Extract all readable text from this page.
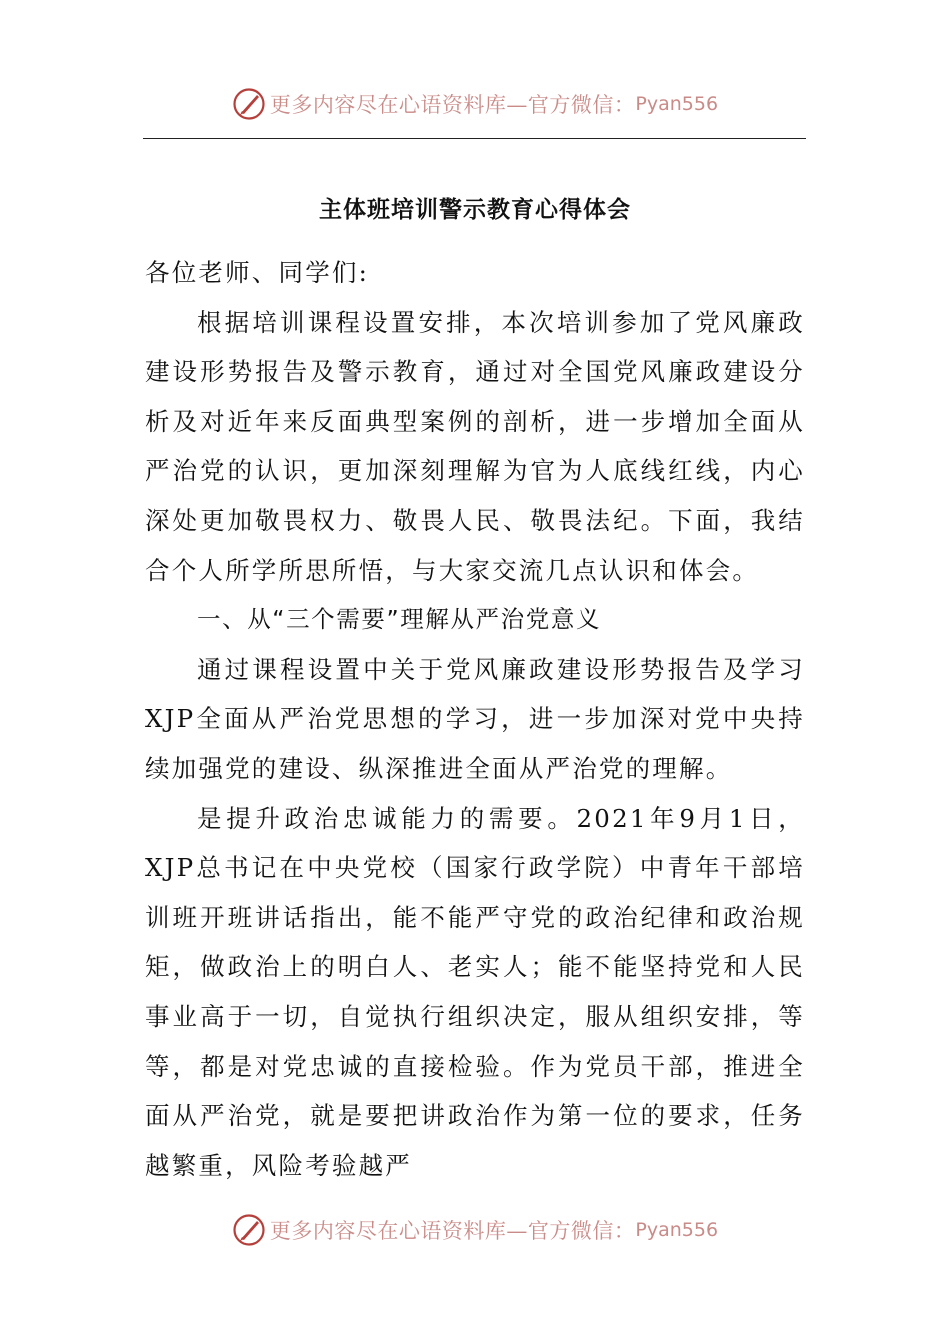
更多内容尽在心语资料库—官方微信： Pyan556
主体班培训警示教育心得体会

各位老师、同学们:

根据培训课程设置安排，本次培训参加了党风廉政建设形势报告及警示教育，通过对全国党风廉政建设分析及对近年来反面典型案例的剖析，进一步增加全面从严治党的认识，更加深刻理解为官为人底线红线，内心深处更加敬畏权力、敬畏人民、敬畏法纪。下面，我结合个人所学所思所悟，与大家交流几点认识和体会。

一、从“三个需要”理解从严治党意义

通过课程设置中关于党风廉政建设形势报告及学习XJP全面从严治党思想的学习，进一步加深对党中央持续加强党的建设、纵深推进全面从严治党的理解。

是提升政治忠诚能力的需要。2021年9月1日，XJP总书记在中央党校（国家行政学院）中青年干部培训班开班讲话指出，能不能严守党的政治纪律和政治规矩，做政治上的明白人、老实人；能不能坚持党和人民事业高于一切，自觉执行组织决定，服从组织安排，等等，都是对党忠诚的直接检验。作为党员干部，推进全面从严治党，就是要把讲政治作为第一位的要求，任务越繁重，风险考验越严

更多内容尽在心语资料库—官方微信： Pyan556
